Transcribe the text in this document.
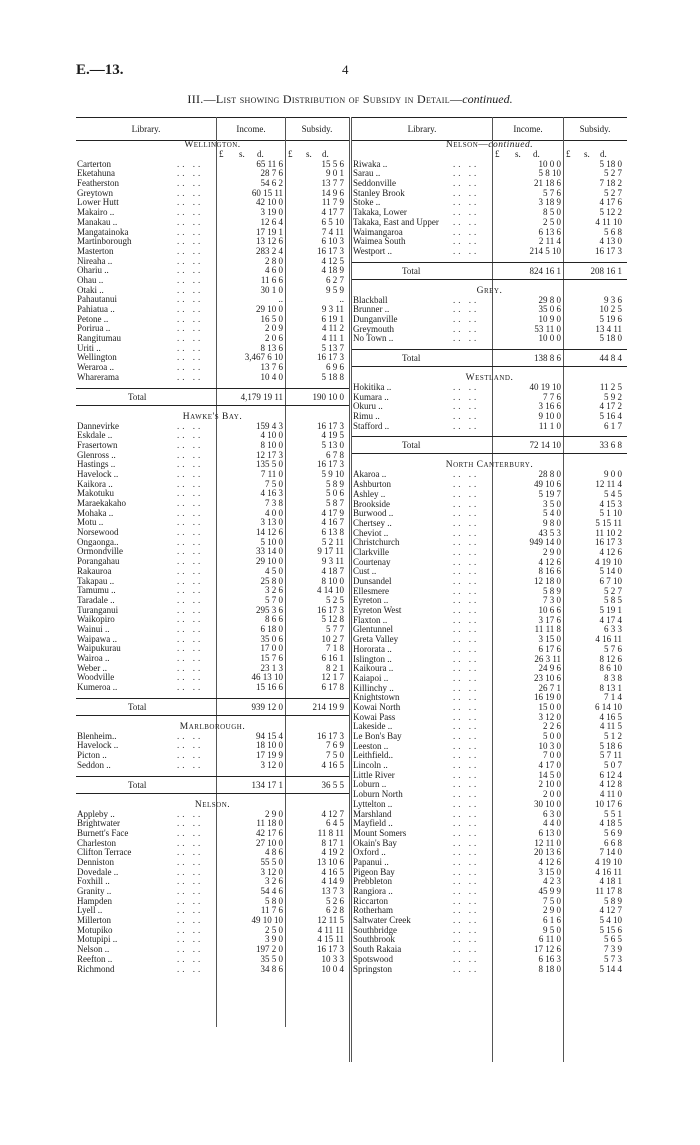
E.—13.	4
III.—List showing Distribution of Subsidy in Detail—continued.
Library.	Income.	Subsidy.	Library.	Income.	Subsidy.
Wellington.
£ s. d.	£ s. d.
Carterton	.. ..	65 11 6	15 5 6
Eketahuna	.. ..	28 7 6	9 0 1
Featherston	.. ..	54 6 2	13 7 7
Greytown	.. ..	60 15 11	14 9 6
Lower Hutt	.. ..	42 10 0	11 7 9
Makairo ..	.. ..	3 19 0	4 17 7
Manakau ..	.. ..	12 6 4	6 5 10
Mangatainoka	.. ..	17 19 1	7 4 11
Martinborough	.. ..	13 12 6	6 10 3
Masterton	.. ..	283 2 4	16 17 3
Nireaha ..	.. ..	2 8 0	4 12 5
Ohariu ..	.. ..	4 6 0	4 18 9
Ohau ..	.. ..	11 6 6	6 2 7
Otaki ..	.. ..	30 1 0	9 5 9
Pahautanui	.. ..	..	..
Pahiatua ..	.. ..	29 10 0	9 3 11
Petone ..	.. ..	16 5 0	6 19 1
Porirua ..	.. ..	2 0 9	4 11 2
Rangitumau	.. ..	2 0 6	4 11 1
Uriti ..	.. ..	8 13 6	5 13 7
Wellington	.. ..	3,467 6 10	16 17 3
Weraroa ..	.. ..	13 7 6	6 9 6
Wharerama	.. ..	10 4 0	5 18 8
Total	4,179 19 11	190 10 0
Hawke's Bay.
Dannevirke	.. ..	159 4 3	16 17 3
Eskdale ..	.. ..	4 10 0	4 19 5
Frasertown	.. ..	8 10 0	5 13 0
Glenross ..	.. ..	12 17 3	6 7 8
Hastings ..	.. ..	135 5 0	16 17 3
Havelock ..	.. ..	7 11 0	5 9 10
Kaikora ..	.. ..	7 5 0	5 8 9
Makotuku	.. ..	4 16 3	5 0 6
Maraekakaho	.. ..	7 3 8	5 8 7
Mohaka ..	.. ..	4 0 0	4 17 9
Motu ..	.. ..	3 13 0	4 16 7
Norsewood	.. ..	14 12 6	6 13 8
Ongaonga..	.. ..	5 10 0	5 2 11
Ormondville	.. ..	33 14 0	9 17 11
Porangahau	.. ..	29 10 0	9 3 11
Rakauroa	.. ..	4 5 0	4 18 7
Takapau ..	.. ..	25 8 0	8 10 0
Tamumu ..	.. ..	3 2 6	4 14 10
Taradale ..	.. ..	5 7 0	5 2 5
Turanganui	.. ..	295 3 6	16 17 3
Waikopiro	.. ..	8 6 6	5 12 8
Wainui ..	.. ..	6 18 0	5 7 7
Waipawa ..	.. ..	35 0 6	10 2 7
Waipukurau	.. ..	17 0 0	7 1 8
Wairoa ..	.. ..	15 7 6	6 16 1
Weber ..	.. ..	23 1 3	8 2 1
Woodville	.. ..	46 13 10	12 1 7
Kumeroa ..	.. ..	15 16 6	6 17 8
Total	939 12 0	214 19 9
Marlborough.
Blenheim..	.. ..	94 15 4	16 17 3
Havelock ..	.. ..	18 10 0	7 6 9
Picton ..	.. ..	17 19 9	7 5 0
Seddon ..	.. ..	3 12 0	4 16 5
Total	134 17 1	36 5 5
Nelson.
Appleby ..	.. ..	2 9 0	4 12 7
Brightwater	.. ..	11 18 0	6 4 5
Burnett's Face	.. ..	42 17 6	11 8 11
Charleston	.. ..	27 10 0	8 17 1
Clifton Terrace	.. ..	4 8 6	4 19 2
Denniston	.. ..	55 5 0	13 10 6
Dovedale ..	.. ..	3 12 0	4 16 5
Foxhill ..	.. ..	3 2 6	4 14 9
Granity ..	.. ..	54 4 6	13 7 3
Hampden	.. ..	5 8 0	5 2 6
Lyell ..	.. ..	11 7 6	6 2 8
Millerton	.. ..	49 10 10	12 11 5
Motupiko	.. ..	2 5 0	4 11 11
Motupipi ..	.. ..	3 9 0	4 15 11
Nelson ..	.. ..	197 2 0	16 17 3
Reefton ..	.. ..	35 5 0	10 3 3
Richmond	.. ..	34 8 6	10 0 4
Nelson—continued.
£ s. d.	£ s. d.
Riwaka ..	.. ..	10 0 0	5 18 0
Sarau ..	.. ..	5 8 10	5 2 7
Seddonville	.. ..	21 18 6	7 18 2
Stanley Brook	.. ..	5 7 6	5 2 7
Stoke ..	.. ..	3 18 9	4 17 6
Takaka, Lower	.. ..	8 5 0	5 12 2
Takaka, East and Upper .. ..	2 5 0	4 11 10
Waimangaroa	.. ..	6 13 6	5 6 8
Waimea South	.. ..	2 11 4	4 13 0
Westport ..	.. ..	214 5 10	16 17 3
Total	824 16 1	208 16 1
Grey.
Blackball	.. ..	29 8 0	9 3 6
Brunner ..	.. ..	35 0 6	10 2 5
Dunganville	.. ..	10 9 0	5 19 6
Greymouth	.. ..	53 11 0	13 4 11
No Town ..	.. ..	10 0 0	5 18 0
Total	138 8 6	44 8 4
Westland.
Hokitika ..	.. ..	40 19 10	11 2 5
Kumara ..	.. ..	7 7 6	5 9 2
Okuru ..	.. ..	3 16 6	4 17 2
Rimu ..	.. ..	9 10 0	5 16 4
Stafford ..	.. ..	11 1 0	6 1 7
Total	72 14 10	33 6 8
North Canterbury.
Akaroa ..	.. ..	28 8 0	9 0 0
Ashburton	.. ..	49 10 6	12 11 4
Ashley ..	.. ..	5 19 7	5 4 5
Brookside	.. ..	3 5 0	4 15 3
Burwood ..	.. ..	5 4 0	5 1 10
Chertsey ..	.. ..	9 8 0	5 15 11
Cheviot ..	.. ..	43 5 3	11 10 2
Christchurch	.. ..	949 14 0	16 17 3
Clarkville	.. ..	2 9 0	4 12 6
Courtenay	.. ..	4 12 6	4 19 10
Cust ..	.. ..	8 16 6	5 14 0
Dunsandel	.. ..	12 18 0	6 7 10
Ellesmere	.. ..	5 8 9	5 2 7
Eyreton ..	.. ..	7 3 0	5 8 5
Eyreton West	.. ..	10 6 6	5 19 1
Flaxton ..	.. ..	3 17 6	4 17 4
Glentunnel	.. ..	11 11 8	6 3 3
Greta Valley	.. ..	3 15 0	4 16 11
Hororata ..	.. ..	6 17 6	5 7 6
Islington ..	.. ..	26 3 11	8 12 6
Kaikoura ..	.. ..	24 9 6	8 6 10
Kaiapoi ..	.. ..	23 10 6	8 3 8
Killinchy ..	.. ..	26 7 1	8 13 1
Knightstown	.. ..	16 19 0	7 1 4
Kowai North	.. ..	15 0 0	6 14 10
Kowai Pass	.. ..	3 12 0	4 16 5
Lakeside ..	.. ..	2 2 6	4 11 5
Le Bon's Bay	.. ..	5 0 0	5 1 2
Leeston ..	.. ..	10 3 0	5 18 6
Leithfield..	.. ..	7 0 0	5 7 11
Lincoln ..	.. ..	4 17 0	5 0 7
Little River	.. ..	14 5 0	6 12 4
Loburn ..	.. ..	2 10 0	4 12 8
Loburn North	.. ..	2 0 0	4 11 0
Lyttelton ..	.. ..	30 10 0	10 17 6
Marshland	.. ..	6 3 0	5 5 1
Mayfield ..	.. ..	4 4 0	4 18 5
Mount Somers	.. ..	6 13 0	5 6 9
Okain's Bay	.. ..	12 11 0	6 6 8
Oxford ..	.. ..	20 13 6	7 14 0
Papanui ..	.. ..	4 12 6	4 19 10
Pigeon Bay	.. ..	3 15 0	4 16 11
Prebbleton	.. ..	4 2 3	4 18 1
Rangiora ..	.. ..	45 9 9	11 17 8
Riccarton	.. ..	7 5 0	5 8 9
Rotherham	.. ..	2 9 0	4 12 7
Saltwater Creek	.. ..	6 1 6	5 4 10
Southbridge	.. ..	9 5 0	5 15 6
Southbrook	.. ..	6 11 0	5 6 5
South Rakaia	.. ..	17 12 6	7 3 9
Spotswood	.. ..	6 16 3	5 7 3
Springston	.. ..	8 18 0	5 14 4
